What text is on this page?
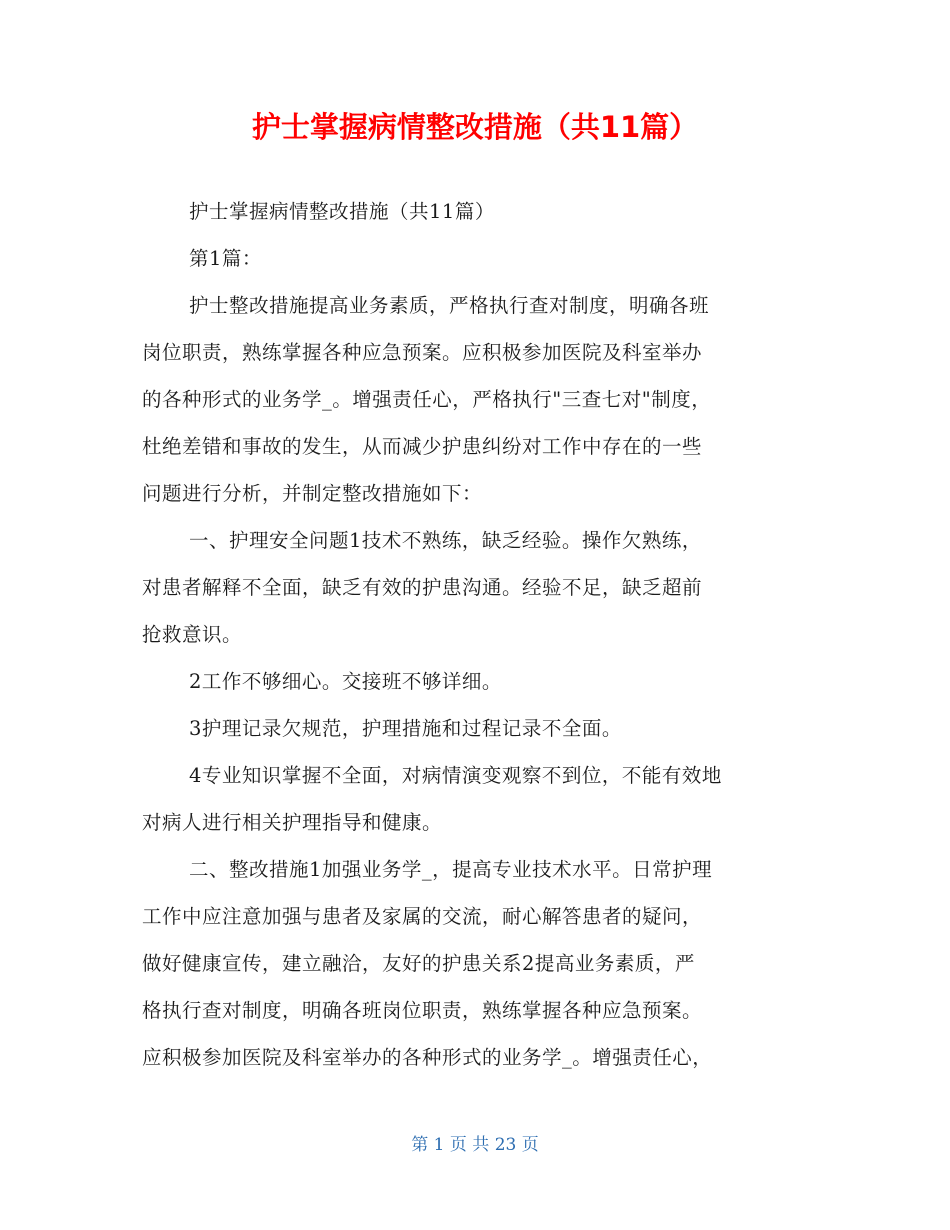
护士掌握病情整改措施（共11篇）
护士掌握病情整改措施（共11篇）
第1篇：
护士整改措施提高业务素质，严格执行查对制度，明确各班
岗位职责，熟练掌握各种应急预案。应积极参加医院及科室举办
的各种形式的业务学_。增强责任心，严格执行"三查七对"制度，
杜绝差错和事故的发生，从而减少护患纠纷对工作中存在的一些
问题进行分析，并制定整改措施如下：
一、护理安全问题1技术不熟练，缺乏经验。操作欠熟练，
对患者解释不全面，缺乏有效的护患沟通。经验不足，缺乏超前
抢救意识。
2工作不够细心。交接班不够详细。
3护理记录欠规范，护理措施和过程记录不全面。
4专业知识掌握不全面，对病情演变观察不到位，不能有效地
对病人进行相关护理指导和健康。
二、整改措施1加强业务学_，提高专业技术水平。日常护理
工作中应注意加强与患者及家属的交流，耐心解答患者的疑问，
做好健康宣传，建立融洽，友好的护患关系2提高业务素质，严
格执行查对制度，明确各班岗位职责，熟练掌握各种应急预案。
应积极参加医院及科室举办的各种形式的业务学_。增强责任心，
第 1 页 共 23 页
